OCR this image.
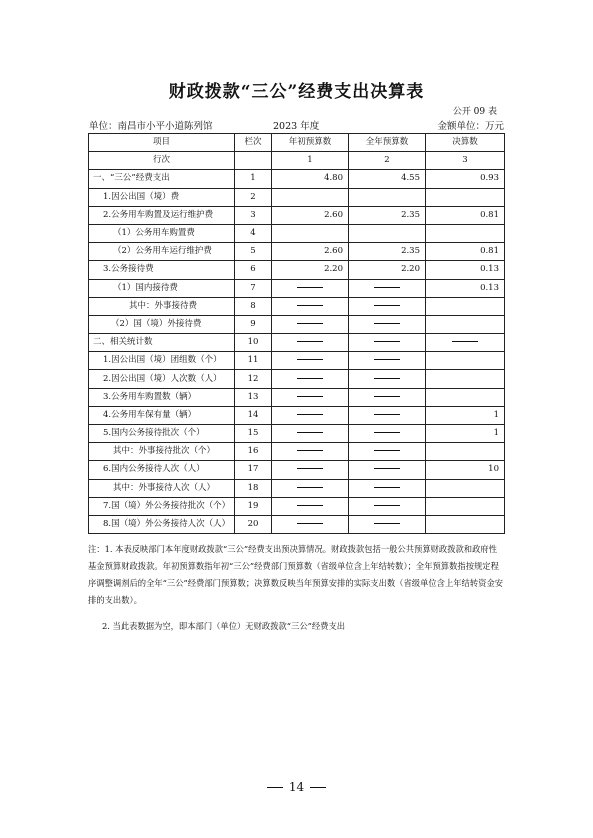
财政拨款“三公”经费支出决算表
公开 09 表
单位：南昌市小平小道陈列馆	2023 年度	金额单位：万元
项目	栏次	年初预算数	全年预算数	决算数
行次		1	2	3
一、“三公”经费支出	1	4.80	4.55	0.93
1.因公出国（境）费	2			
2.公务用车购置及运行维护费	3	2.60	2.35	0.81
（1）公务用车购置费	4			
（2）公务用车运行维护费	5	2.60	2.35	0.81
3.公务接待费	6	2.20	2.20	0.13
（1）国内接待费	7			0.13
其中：外事接待费	8			
（2）国（境）外接待费	9			
二、相关统计数	10			
1.因公出国（境）团组数（个）	11			
2.因公出国（境）人次数（人）	12			
3.公务用车购置数（辆）	13			
4.公务用车保有量（辆）	14			1
5.国内公务接待批次（个）	15			1
其中：外事接待批次（个）	16			
6.国内公务接待人次（人）	17			10
其中：外事接待人次（人）	18			
7.国（境）外公务接待批次（个）	19			
8.国（境）外公务接待人次（人）	20			

注：1. 本表反映部门本年度财政拨款“三公”经费支出预决算情况。财政拨款包括一般公共预算财政拨款和政府性基金预算财政拨款。年初预算数指年初“三公”经费部门预算数（省级单位含上年结转数）；全年预算数指按规定程序调整调剂后的全年“三公”经费部门预算数；决算数反映当年预算安排的实际支出数（省级单位含上年结转资金安排的支出数）。

2. 当此表数据为空，即本部门（单位）无财政拨款“三公”经费支出

14
